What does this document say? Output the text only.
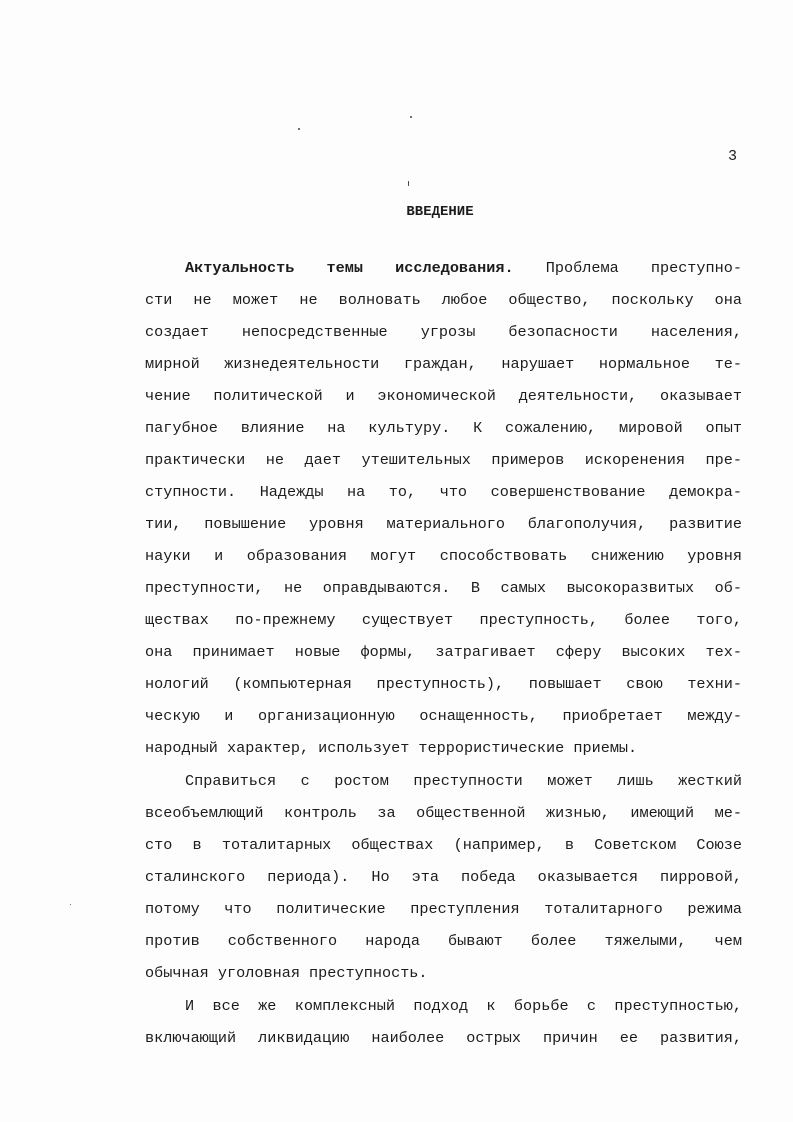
3
ВВЕДЕНИЕ
Актуальность темы исследования. Проблема преступно-
сти не может не волновать любое общество, поскольку она
создает непосредственные угрозы безопасности населения,
мирной жизнедеятельности граждан, нарушает нормальное те-
чение политической и экономической деятельности, оказывает
пагубное влияние на культуру. К сожалению, мировой опыт
практически не дает утешительных примеров искоренения пре-
ступности. Надежды на то, что совершенствование демокра-
тии, повышение уровня материального благополучия, развитие
науки и образования могут способствовать снижению уровня
преступности, не оправдываются. В самых высокоразвитых об-
ществах по-прежнему существует преступность, более того,
она принимает новые формы, затрагивает сферу высоких тех-
нологий (компьютерная преступность), повышает свою техни-
ческую и организационную оснащенность, приобретает между-
народный характер, использует террористические приемы.
Справиться с ростом преступности может лишь жесткий
всеобъемлющий контроль за общественной жизнью, имеющий ме-
сто в тоталитарных обществах (например, в Советском Союзе
сталинского периода). Но эта победа оказывается пирровой,
потому что политические преступления тоталитарного режима
против собственного народа бывают более тяжелыми, чем
обычная уголовная преступность.
И все же комплексный подход к борьбе с преступностью,
включающий ликвидацию наиболее острых причин ее развития,
